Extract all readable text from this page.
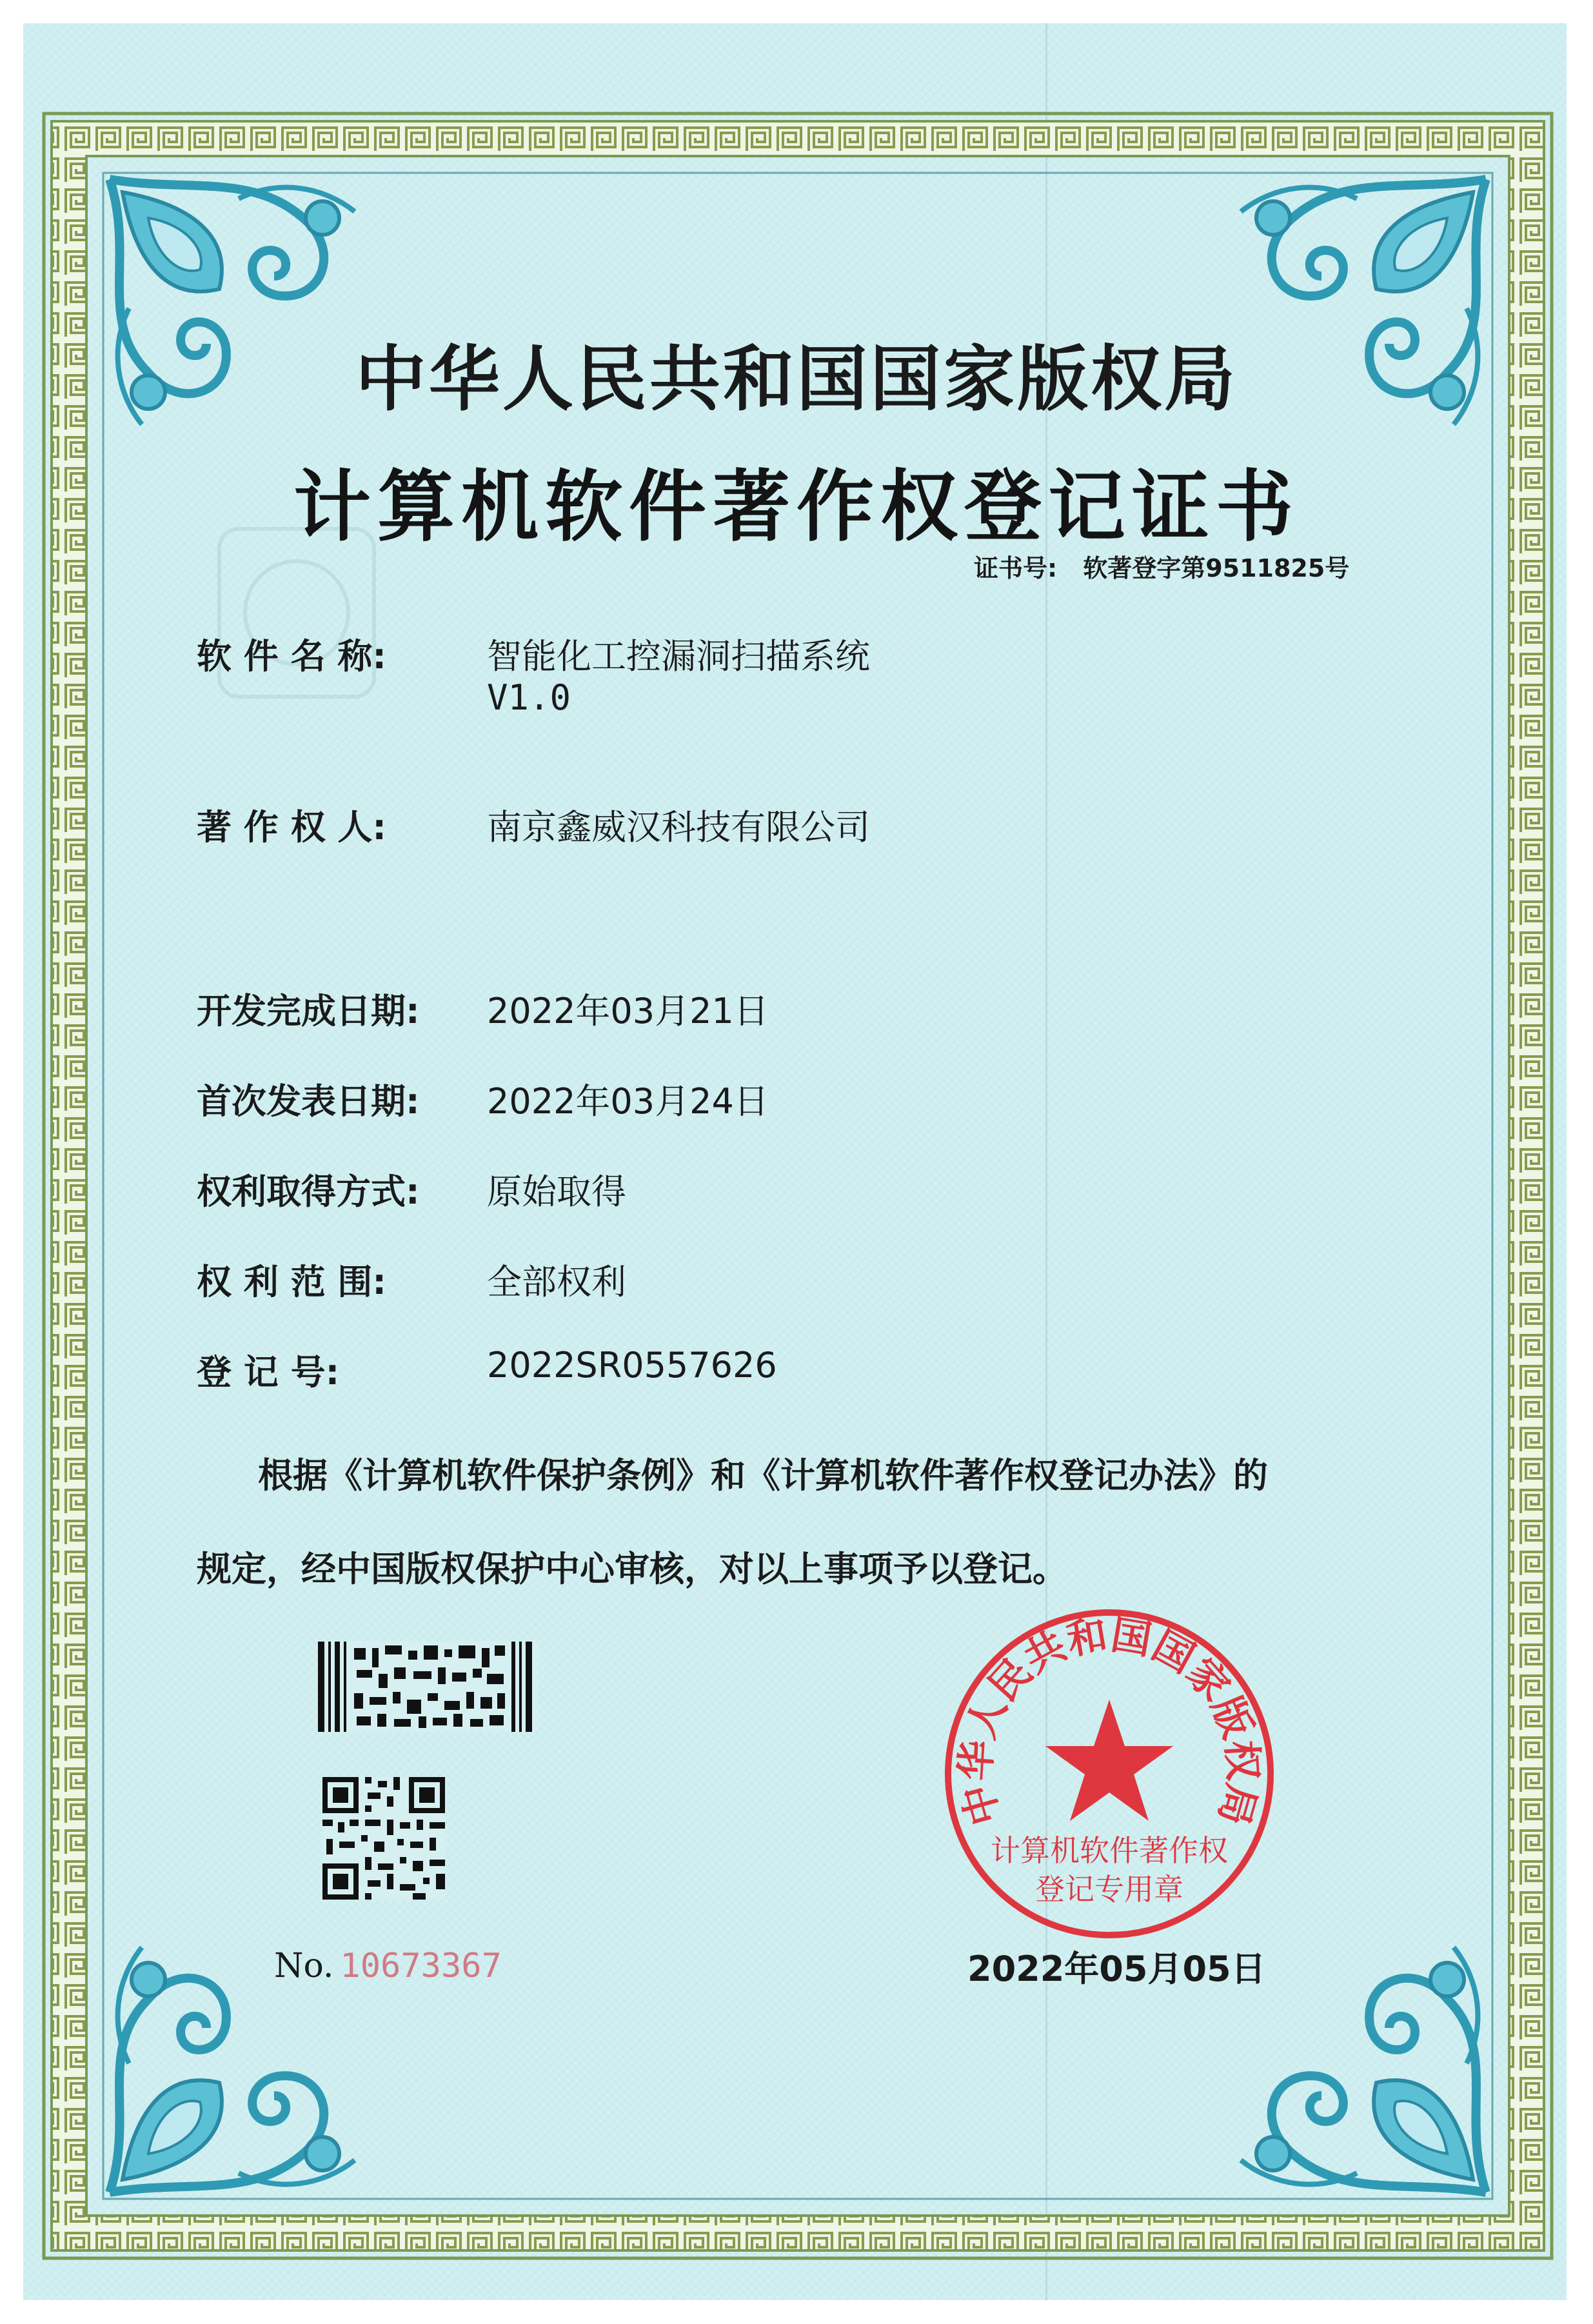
中华人民共和国国家版权局
计算机软件著作权登记证书
证书号: 软著登字第9511825号
软 件 名 称:	智能化工控漏洞扫描系统
V1.0
著 作 权 人:	南京鑫威汉科技有限公司
开发完成日期: 2022年03月21日
首次发表日期: 2022年03月24日
权利取得方式: 原始取得
权 利 范 围:	全部权利
登 记 号:	2022SR0557626
根据《计算机软件保护条例》和《计算机软件著作权登记办法》的
规定，经中国版权保护中心审核，对以上事项予以登记。
No. 10673367
中华人民共和国国家版权局
计算机软件著作权
登记专用章
2022年05月05日
